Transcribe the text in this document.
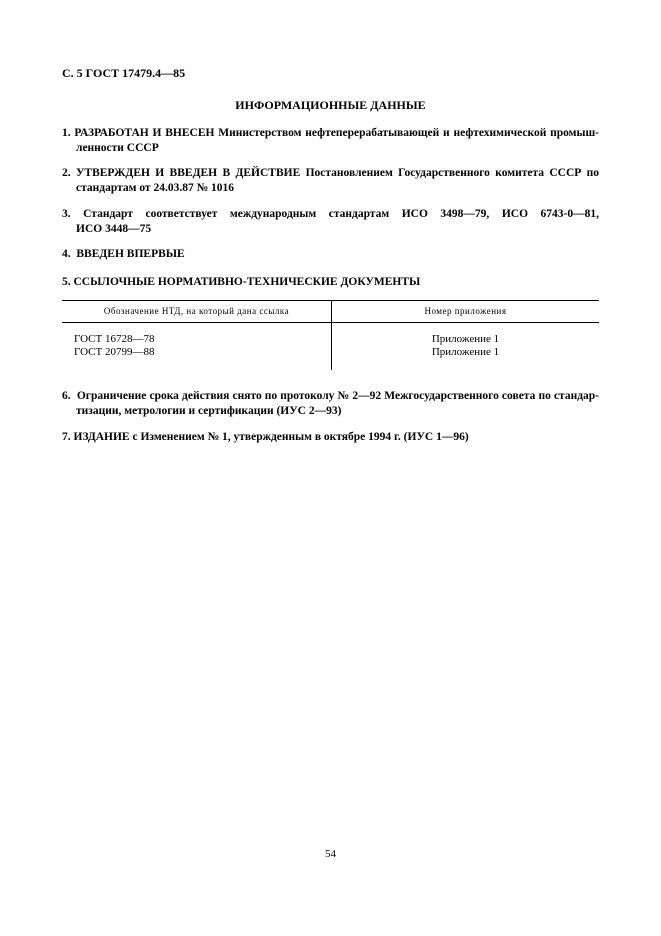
С. 5 ГОСТ 17479.4—85
ИНФОРМАЦИОННЫЕ ДАННЫЕ
1. РАЗРАБОТАН И ВНЕСЕН Министерством нефтеперерабатывающей и нефтехимической промыш-
ленности СССР
2. УТВЕРЖДЕН И ВВЕДЕН В ДЕЙСТВИЕ Постановлением Государственного комитета СССР по
стандартам от 24.03.87 № 1016
3. Стандарт соответствует международным стандартам ИСО 3498—79, ИСО 6743-0—81,
ИСО 3448—75
4. ВВЕДЕН ВПЕРВЫЕ
5. ССЫЛОЧНЫЕ НОРМАТИВНО-ТЕХНИЧЕСКИЕ ДОКУМЕНТЫ
Обозначение НТД, на который дана ссылка	Номер приложения
ГОСТ 16728—78
ГОСТ 20799—88
Приложение 1
Приложение 1
6. Ограничение срока действия снято по протоколу № 2—92 Межгосударственного совета по стандар-
тизации, метрологии и сертификации (ИУС 2—93)
7. ИЗДАНИЕ с Изменением № 1, утвержденным в октябре 1994 г. (ИУС 1—96)
54
